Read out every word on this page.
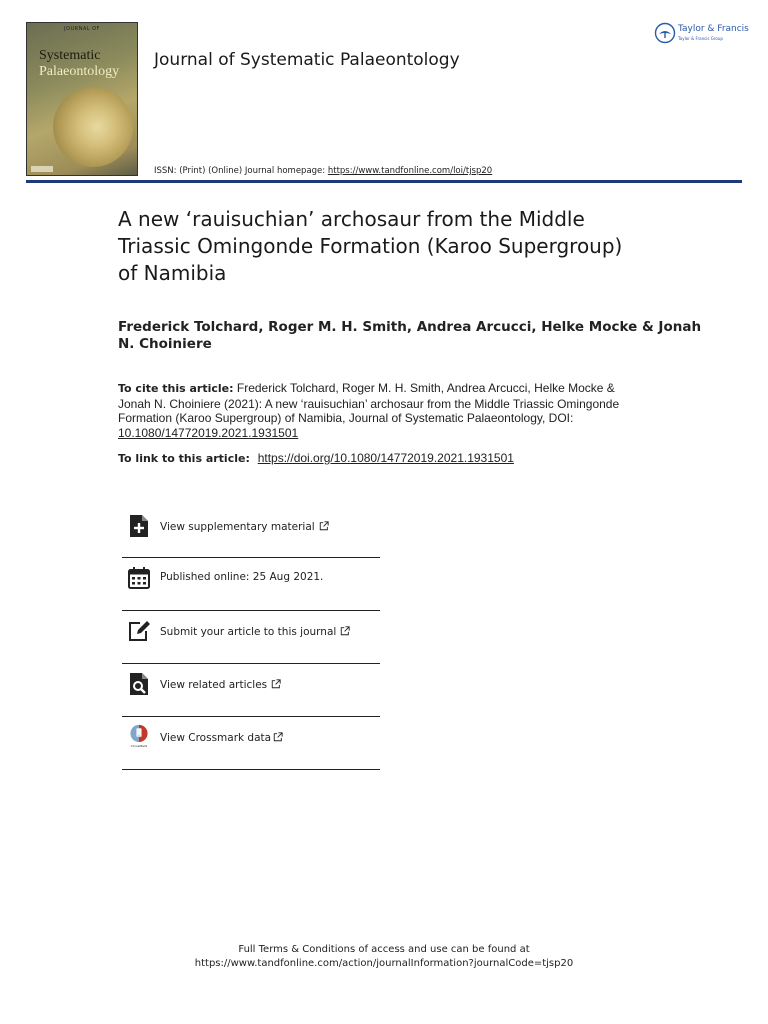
JOURNAL OF
Systematic
Palaeontology
Journal of Systematic Palaeontology
ISSN: (Print) (Online) Journal homepage: https://www.tandfonline.com/loi/tjsp20
Taylor & Francis
Taylor & Francis Group
A new ‘rauisuchian’ archosaur from the Middle
Triassic Omingonde Formation (Karoo Supergroup)
of Namibia
Frederick Tolchard, Roger M. H. Smith, Andrea Arcucci, Helke Mocke & Jonah
N. Choiniere
To cite this article: Frederick Tolchard, Roger M. H. Smith, Andrea Arcucci, Helke Mocke &
Jonah N. Choiniere (2021): A new ‘rauisuchian’ archosaur from the Middle Triassic Omingonde
Formation (Karoo Supergroup) of Namibia, Journal of Systematic Palaeontology, DOI:
10.1080/14772019.2021.1931501
To link to this article: https://doi.org/10.1080/14772019.2021.1931501
View supplementary material
Published online: 25 Aug 2021.
Submit your article to this journal
View related articles
CrossMark
View Crossmark data
Full Terms & Conditions of access and use can be found at
https://www.tandfonline.com/action/journalInformation?journalCode=tjsp20
